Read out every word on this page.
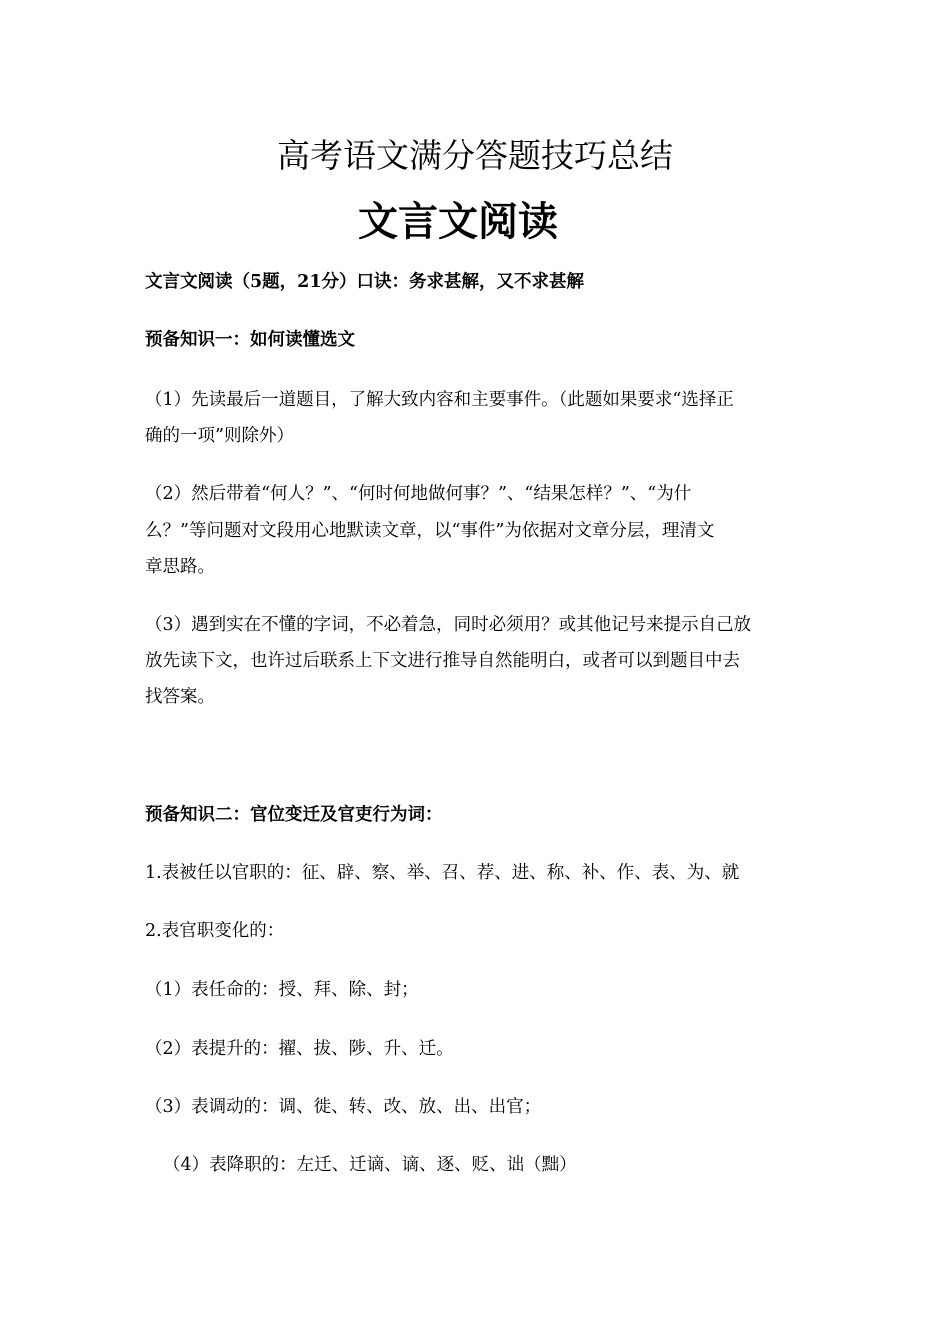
高考语文满分答题技巧总结
文言文阅读

文言文阅读（5题，21分）口诀：务求甚解，又不求甚解

预备知识一：如何读懂选文

（1）先读最后一道题目，了解大致内容和主要事件。（此题如果要求“选择正

确的一项”则除外）

（2）然后带着“何人？”、“何时何地做何事？”、“结果怎样？”、“为什

么？”等问题对文段用心地默读文章，以“事件”为依据对文章分层，理清文

章思路。

（3）遇到实在不懂的字词，不必着急，同时必须用？或其他记号来提示自己放

放先读下文，也许过后联系上下文进行推导自然能明白，或者可以到题目中去

找答案。

预备知识二：官位变迁及官吏行为词：

1.表被任以官职的：征、辟、察、举、召、荐、进、称、补、作、表、为、就

2.表官职变化的：

（1）表任命的：授、拜、除、封；

（2）表提升的：擢、拔、陟、升、迁。

（3）表调动的：调、徙、转、改、放、出、出官；

（4）表降职的：左迁、迁谪、谪、逐、贬、诎（黜）
